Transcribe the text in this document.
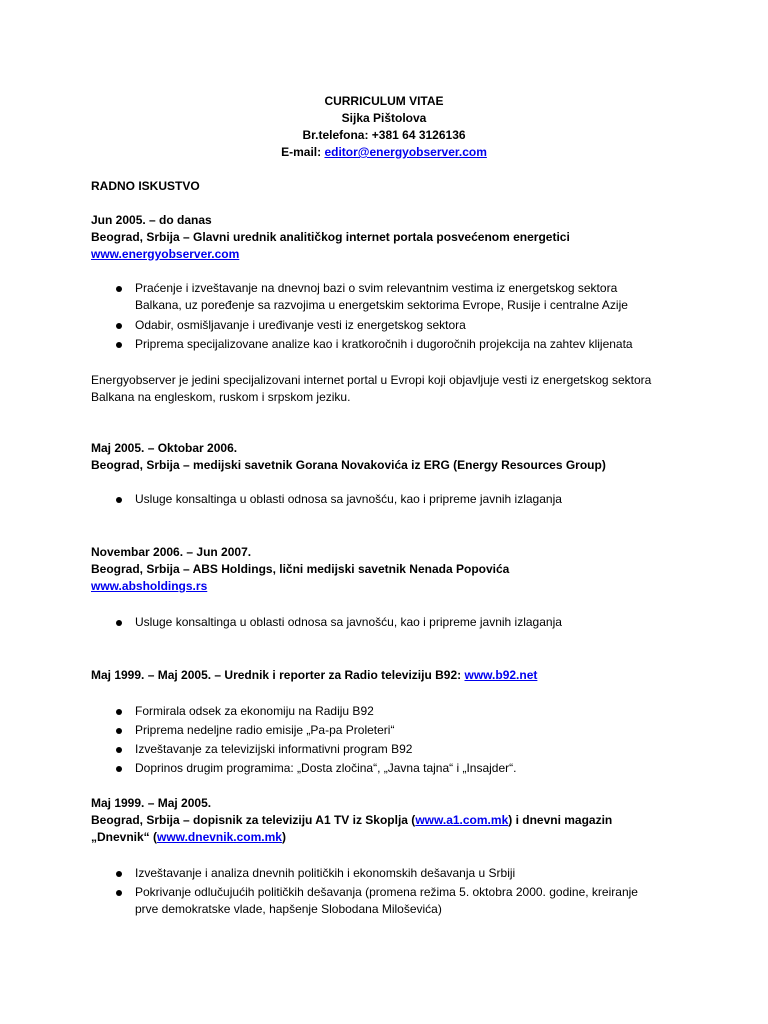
CURRICULUM VITAE
Sijka Pištolova
Br.telefona: +381 64 3126136
E-mail: editor@energyobserver.com
RADNO ISKUSTVO
Jun 2005. – do danas
Beograd, Srbija – Glavni urednik analitičkog internet portala posvećenom energetici
www.energyobserver.com
Praćenje i izveštavanje na dnevnoj bazi o svim relevantnim vestima iz energetskog sektora
Balkana, uz poređenje sa razvojima u energetskim sektorima Evrope, Rusije i centralne Azije
Odabir, osmišljavanje i uređivanje vesti iz energetskog sektora
Priprema specijalizovane analize kao i kratkoročnih i dugoročnih projekcija na zahtev klijenata
Energyobserver je jedini specijalizovani internet portal u Evropi koji objavljuje vesti iz energetskog sektora
Balkana na engleskom, ruskom i srpskom jeziku.
Maj 2005. – Oktobar 2006.
Beograd, Srbija – medijski savetnik Gorana Novakovića iz ERG (Energy Resources Group)
Usluge konsaltinga u oblasti odnosa sa javnošću, kao i pripreme javnih izlaganja
Novembar 2006. – Jun 2007.
Beograd, Srbija – ABS Holdings, lični medijski savetnik Nenada Popovića
www.absholdings.rs
Usluge konsaltinga u oblasti odnosa sa javnošću, kao i pripreme javnih izlaganja
Maj 1999. – Maj 2005. – Urednik i reporter za Radio televiziju B92: www.b92.net
Formirala odsek za ekonomiju na Radiju B92
Priprema nedeljne radio emisije „Pa-pa Proleteri“
Izveštavanje za televizijski informativni program B92
Doprinos drugim programima: „Dosta zločina“, „Javna tajna“ i „Insajder“.
Maj 1999. – Maj 2005.
Beograd, Srbija – dopisnik za televiziju A1 TV iz Skoplja (www.a1.com.mk) i dnevni magazin
„Dnevnik“ (www.dnevnik.com.mk)
Izveštavanje i analiza dnevnih političkih i ekonomskih dešavanja u Srbiji
Pokrivanje odlučujućih političkih dešavanja (promena režima 5. oktobra 2000. godine, kreiranje
prve demokratske vlade, hapšenje Slobodana Miloševića)
